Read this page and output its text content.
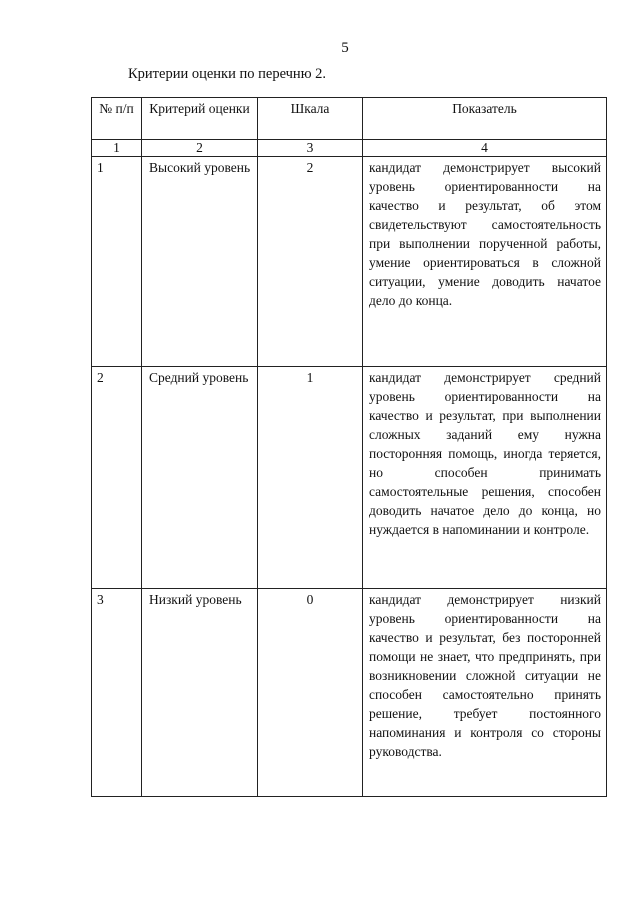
5
Критерии оценки по перечню 2.
№ п/п	Критерий оценки	Шкала	Показатель
1	2	3	4
1	Высокий уровень	2	кандидат демонстрирует высокий уровень ориентированности на качество и результат, об этом свидетельствуют самостоятельность при выполнении порученной работы, умение ориентироваться в сложной ситуации, умение доводить начатое дело до конца.
2	Средний уровень	1	кандидат демонстрирует средний уровень ориентированности на качество и результат, при выполнении сложных заданий ему нужна посторонняя помощь, иногда теряется, но способен принимать самостоятельные решения, способен доводить начатое дело до конца, но нуждается в напоминании и контроле.
3	Низкий уровень	0	кандидат демонстрирует низкий уровень ориентированности на качество и результат, без посторонней помощи не знает, что предпринять, при возникновении сложной ситуации не способен самостоятельно принять решение, требует постоянного напоминания и контроля со стороны руководства.
